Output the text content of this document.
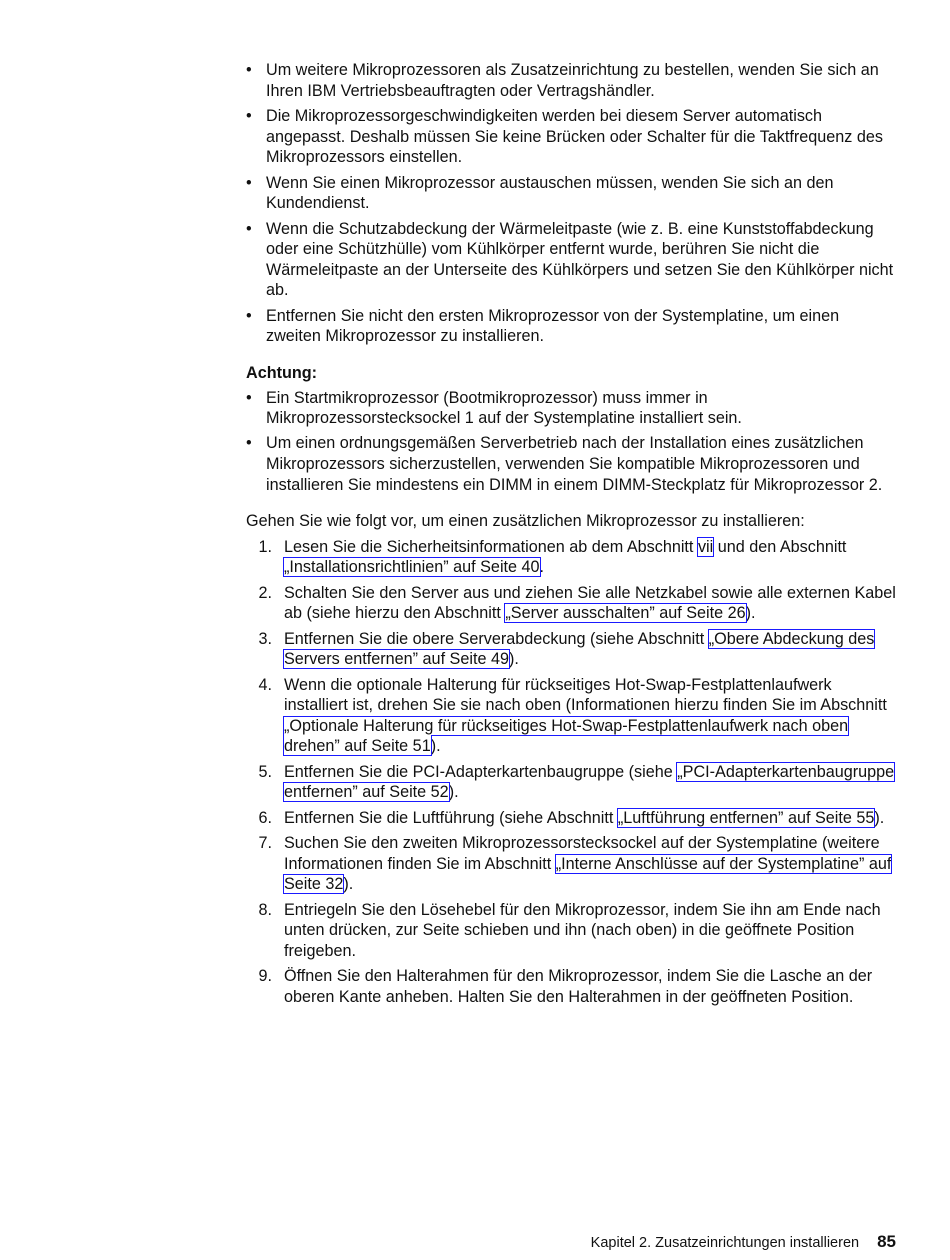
• Um weitere Mikroprozessoren als Zusatzeinrichtung zu bestellen, wenden Sie sich an Ihren IBM Vertriebsbeauftragten oder Vertragshändler.
• Die Mikroprozessorgeschwindigkeiten werden bei diesem Server automatisch angepasst. Deshalb müssen Sie keine Brücken oder Schalter für die Taktfrequenz des Mikroprozessors einstellen.
• Wenn Sie einen Mikroprozessor austauschen müssen, wenden Sie sich an den Kundendienst.
• Wenn die Schutzabdeckung der Wärmeleitpaste (wie z. B. eine Kunststoffabdeckung oder eine Schützhülle) vom Kühlkörper entfernt wurde, berühren Sie nicht die Wärmeleitpaste an der Unterseite des Kühlkörpers und setzen Sie den Kühlkörper nicht ab.
• Entfernen Sie nicht den ersten Mikroprozessor von der Systemplatine, um einen zweiten Mikroprozessor zu installieren.
Achtung:
• Ein Startmikroprozessor (Bootmikroprozessor) muss immer in Mikroprozessorstecksockel 1 auf der Systemplatine installiert sein.
• Um einen ordnungsgemäßen Serverbetrieb nach der Installation eines zusätzlichen Mikroprozessors sicherzustellen, verwenden Sie kompatible Mikroprozessoren und installieren Sie mindestens ein DIMM in einem DIMM-Steckplatz für Mikroprozessor 2.
Gehen Sie wie folgt vor, um einen zusätzlichen Mikroprozessor zu installieren:
1. Lesen Sie die Sicherheitsinformationen ab dem Abschnitt vii und den Abschnitt „Installationsrichtlinien” auf Seite 40.
2. Schalten Sie den Server aus und ziehen Sie alle Netzkabel sowie alle externen Kabel ab (siehe hierzu den Abschnitt „Server ausschalten” auf Seite 26).
3. Entfernen Sie die obere Serverabdeckung (siehe Abschnitt „Obere Abdeckung des Servers entfernen” auf Seite 49).
4. Wenn die optionale Halterung für rückseitiges Hot-Swap-Festplattenlaufwerk installiert ist, drehen Sie sie nach oben (Informationen hierzu finden Sie im Abschnitt „Optionale Halterung für rückseitiges Hot-Swap-Festplattenlaufwerk nach oben drehen” auf Seite 51).
5. Entfernen Sie die PCI-Adapterkartenbaugruppe (siehe „PCI-Adapterkartenbaugruppe entfernen” auf Seite 52).
6. Entfernen Sie die Luftführung (siehe Abschnitt „Luftführung entfernen” auf Seite 55).
7. Suchen Sie den zweiten Mikroprozessorstecksockel auf der Systemplatine (weitere Informationen finden Sie im Abschnitt „Interne Anschlüsse auf der Systemplatine” auf Seite 32).
8. Entriegeln Sie den Lösehebel für den Mikroprozessor, indem Sie ihn am Ende nach unten drücken, zur Seite schieben und ihn (nach oben) in die geöffnete Position freigeben.
9. Öffnen Sie den Halterahmen für den Mikroprozessor, indem Sie die Lasche an der oberen Kante anheben. Halten Sie den Halterahmen in der geöffneten Position.
Kapitel 2. Zusatzeinrichtungen installieren 85
